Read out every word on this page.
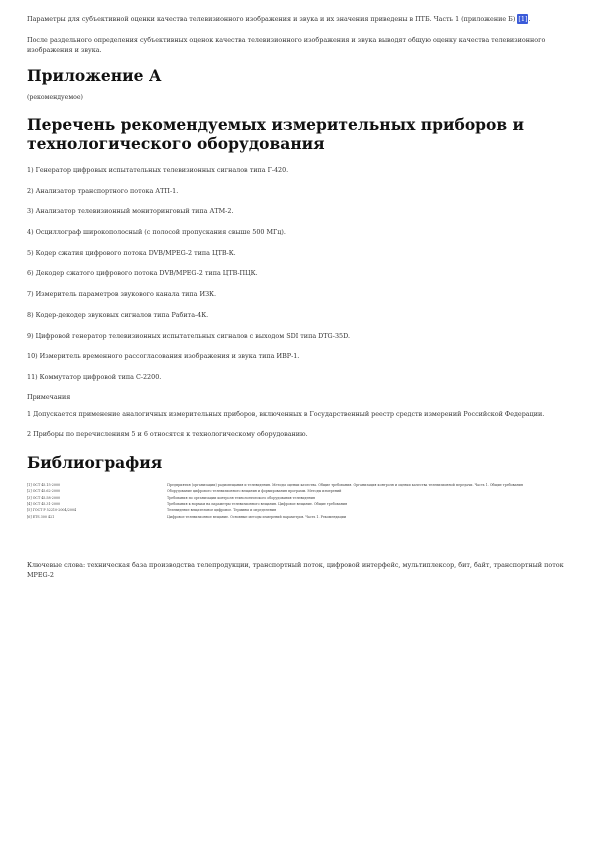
Параметры для субъективной оценки качества телевизионного изображения и звука и их значения приведены в ПТБ. Часть 1 (приложение Б) [1].

После раздельного определения субъективных оценок качества телевизионного изображения и звука выводят общую оценку качества телевизионного изображения и звука.

Приложение А

(рекомендуемое)

Перечень рекомендуемых измерительных приборов и технологического оборудования

1) Генератор цифровых испытательных телевизионных сигналов типа Г-420.

2) Анализатор транспортного потока АТП-1.

3) Анализатор телевизионный мониторинговый типа АТМ-2.

4) Осциллограф широкополосный (с полосой пропускания свыше 500 МГц).

5) Кодер сжатия цифрового потока DVB/MPEG-2 типа ЦТВ-К.

6) Декодер сжатого цифрового потока DVB/MPEG-2 типа ЦТВ-ПЦК.

7) Измеритель параметров звукового канала типа ИЗК.

8) Кодер-декодер звуковых сигналов типа Рабита-4К.

9) Цифровой генератор телевизионных испытательных сигналов с выходом SDI типа DTG-35D.

10) Измеритель временного рассогласования изображения и звука типа ИВР-1.

11) Коммутатор цифровой типа С-2200.

Примечания

1 Допускается применение аналогичных измерительных приборов, включенных в Государственный реестр средств измерений Российской Федерации.

2 Приборы по перечислениям 5 и 6 относятся к технологическому оборудованию.

Библиография
[1] ОСТ 45.15-2000	Предприятия (организации) радиовещания и телевидения. Методы оценки качества. Общие требования. Организация контроля и оценки качества телевизионной передачи. Часть 1. Общие требования
[2] ОСТ 45.62-2000	Оборудование цифрового телевизионного вещания и формирования программ. Методы измерений
[3] ОСТ 45.58-2000	Требования по организации контроля технологического оборудования телевидения
[4] ОСТ 45.31-2000	Требования к нормам на параметры телевизионного вещания. Цифровое вещание. Общие требования
[5] ГОСТ Р 52210-2004/2004	Телевидение вещательное цифровое. Термины и определения
[6] ETS 300 421	Цифровое телевизионное вещание. Основные методы измерений параметров. Часть 1. Рекомендации

Ключевые слова: техническая база производства телепродукции, транспортный поток, цифровой интерфейс, мультиплексор, бит, байт, транспортный поток MPEG-2
